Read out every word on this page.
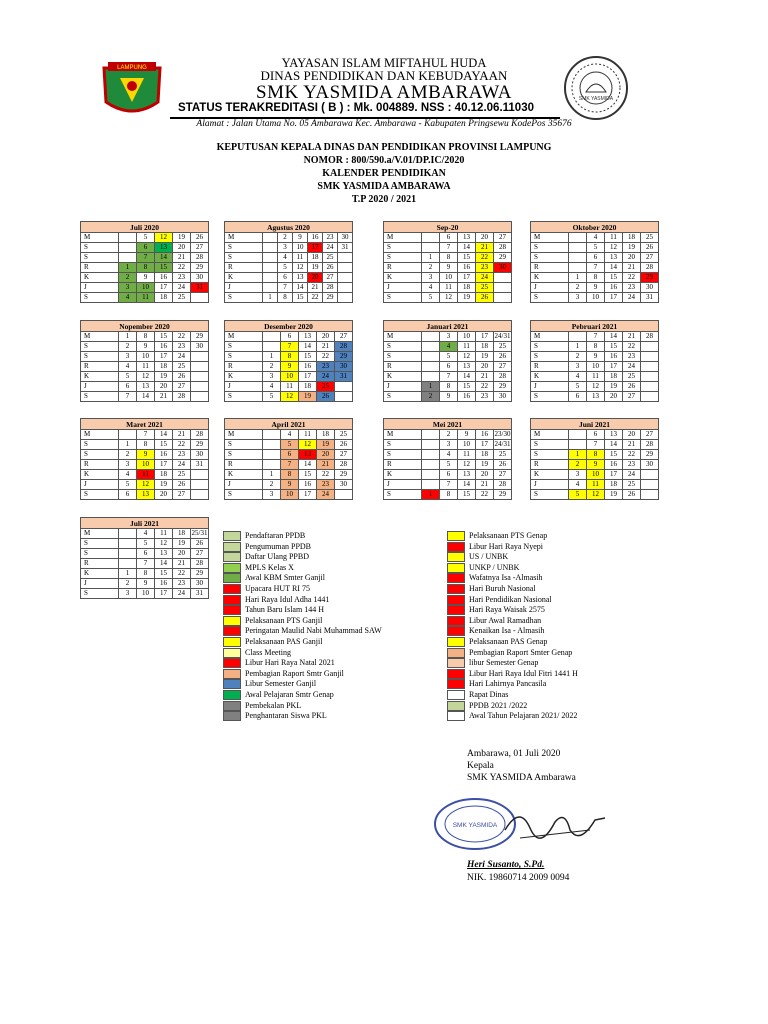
LAMPUNG
SMK YASMIDA
YAYASAN ISLAM MIFTAHUL HUDA
DINAS PENDIDIKAN DAN KEBUDAYAAN
SMK YASMIDA AMBARAWA
STATUS TERAKREDITASI ( B ) : Mk. 004889. NSS : 40.12.06.11030
Alamat : Jalan Utama No. 05 Ambarawa Kec. Ambarawa - Kabupaten Pringsewu KodePos 35676
KEPUTUSAN KEPALA DINAS DAN PENDIDIKAN PROVINSI LAMPUNG
NOMOR : 800/590.a/V.01/DP.IC/2020
KALENDER PENDIDIKAN
SMK YASMIDA AMBARAWA
T.P 2020 / 2021
Juli 2020					
M		5	12	19	26
S		6	13	20	27
S		7	14	21	28
R	1	8	15	22	29
K	2	9	16	23	30
J	3	10	17	24	31
S	4	11	18	25	
Agustus 2020						
M		2	9	16	23	30
S		3	10	17	24	31
S		4	11	18	25	
R		5	12	19	26	
K		6	13	20	27	
J		7	14	21	28	
S	1	8	15	22	29	
Sep-20					
M		6	13	20	27
S		7	14	21	28
S	1	8	15	22	29
R	2	9	16	23	30
K	3	10	17	24	
J	4	11	18	25	
S	5	12	19	26	
Oktober 2020					
M		4	11	18	25
S		5	12	19	26
S		6	13	20	27
R		7	14	21	28
K	1	8	15	22	29
J	2	9	16	23	30
S	3	10	17	24	31
Nopember 2020					
M	1	8	15	22	29
S	2	9	16	23	30
S	3	10	17	24	
R	4	11	18	25	
K	5	12	19	26	
J	6	13	20	27	
S	7	14	21	28	
Desember 2020					
M		6	13	20	27
S		7	14	21	28
S	1	8	15	22	29
R	2	9	16	23	30
K	3	10	17	24	31
J	4	11	18	25	
S	5	12	19	26	
Januari 2021					
M		3	10	17	24/31
S		4	11	18	25
S		5	12	19	26
R		6	13	20	27
K		7	14	21	28
J	1	8	15	22	29
S	2	9	16	23	30
Pebruari 2021					
M		7	14	21	28
S	1	8	15	22	
S	2	9	16	23	
R	3	10	17	24	
K	4	11	18	25	
J	5	12	19	26	
S	6	13	20	27	
Maret 2021					
M		7	14	21	28
S	1	8	15	22	29
S	2	9	16	23	30
R	3	10	17	24	31
K	4	11	18	25	
J	5	12	19	26	
S	6	13	20	27	
April 2021					
M		4	11	18	25
S		5	12	19	26
S		6	13	20	27
R		7	14	21	28
K	1	8	15	22	29
J	2	9	16	23	30
S	3	10	17	24	
Mei 2021					
M		2	9	16	23/30
S		3	10	17	24/31
S		4	11	18	25
R		5	12	19	26
K		6	13	20	27
J		7	14	21	28
S	1	8	15	22	29
Juni 2021					
M		6	13	20	27
S		7	14	21	28
S	1	8	15	22	29
R	2	9	16	23	30
K	3	10	17	24	
J	4	11	18	25	
S	5	12	19	26	
Juli 2021					
M		4	11	18	25/31
S		5	12	19	26
S		6	13	20	27
R		7	14	21	28
K	1	8	15	22	29
J	2	9	16	23	30
S	3	10	17	24	31
Pendaftaran PPDB
Pengumuman PPDB
Daftar Ulang PPBD
MPLS Kelas X
Awal KBM Smter Ganjil
Upacara HUT RI 75
Hari Raya Idul Adha 1441
Tahun Baru Islam 144 H
Pelaksanaan PTS Ganjil
Peringatan Maulid Nabi Muhammad SAW
Pelaksanaan PAS Ganjil
Class Meeting
Libur Hari Raya Natal 2021
Pembagian Raport Smtr Ganjil
Libur Semester Ganjil
Awal Pelajaran Smtr Genap
Pembekalan PKL
Penghantaran Siswa PKL
Pelaksanaan PTS Genap
Libur Hari Raya Nyepi
US / UNBK
UNKP / UNBK
Wafatnya Isa -Almasih
Hari Buruh Nasional
Hari Pendidikan Nasional
Hari Raya Waisak 2575
Libur Awal Ramadhan
Kenaikan Isa - Almasih
Pelaksanaan PAS Genap
Pembagian Raport Smter Genap
libur Semester Genap
Libur Hari Raya Idul Fitri 1441 H
Hari Lahirnya Pancasila
Rapat Dinas
PPDB 2021 /2022
Awal Tahun Pelajaran 2021/ 2022
Ambarawa, 01 Juli 2020
Kepala
SMK YASMIDA Ambarawa
SMK YASMIDA
Heri Susanto, S.Pd.
NIK. 19860714 2009 0094
